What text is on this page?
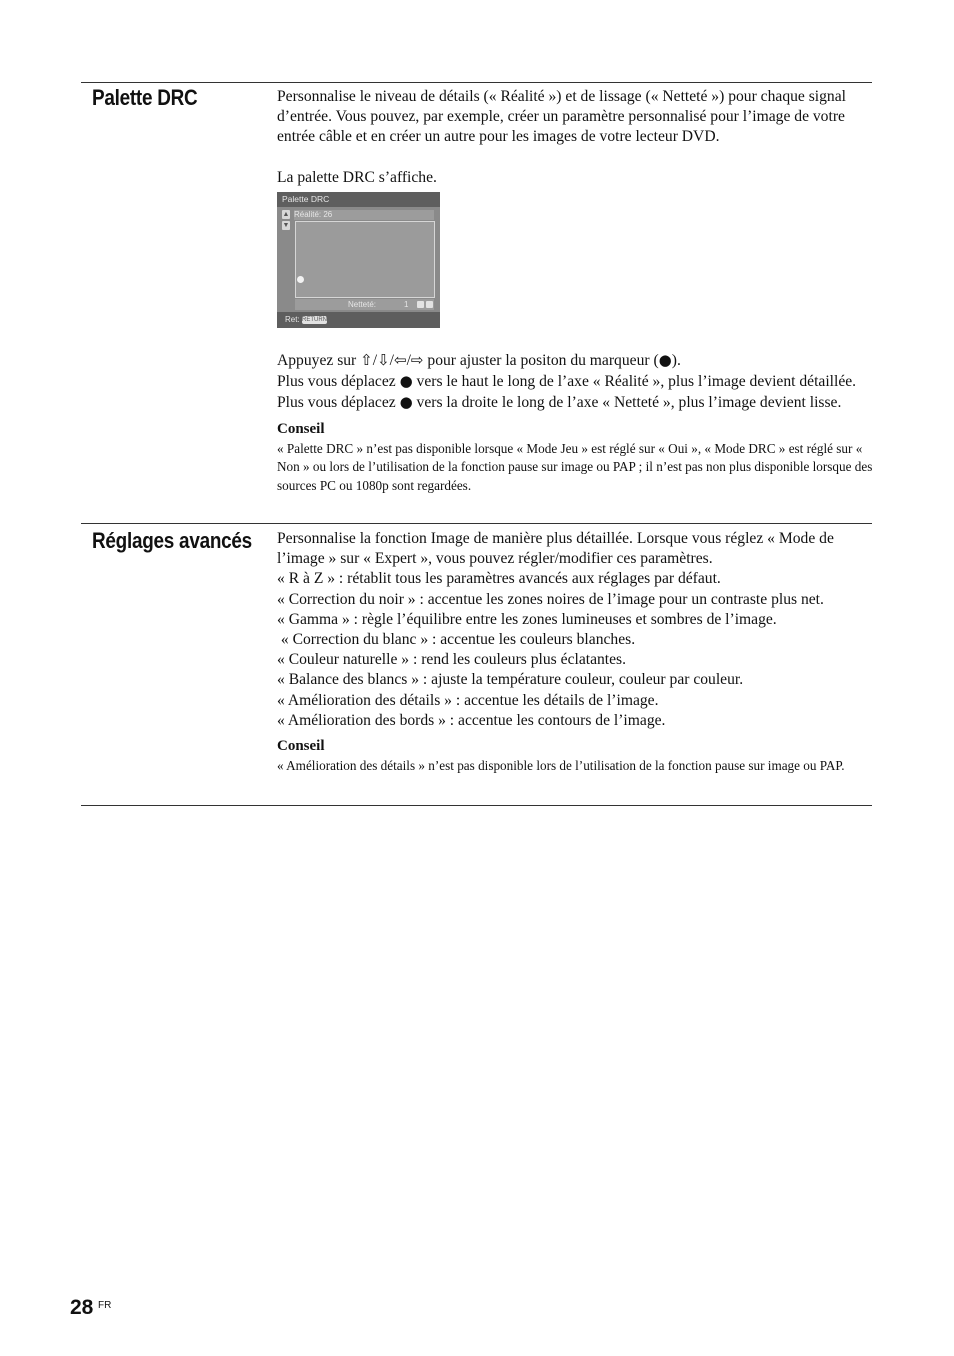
Palette DRC	Personnalise le niveau de détails (« Réalité ») et de lissage (« Netteté ») pour chaque signal d’entrée. Vous pouvez, par exemple, créer un paramètre personnalisé pour l’image de votre entrée câble et en créer un autre pour les images de votre lecteur DVD.

La palette DRC s’affiche.

Palette DRC
▲
▼
Réalité: 26
Netteté:	1
Ret: RETURN

Appuyez sur ⇧/⇩/⇦/⇨ pour ajuster la positon du marqueur (●).

Plus vous déplacez ● vers le haut le long de l’axe « Réalité », plus l’image devient détaillée. Plus vous déplacez ● vers la droite le long de l’axe « Netteté », plus l’image devient lisse.

Conseil

« Palette DRC » n’est pas disponible lorsque « Mode Jeu » est réglé sur « Oui », « Mode DRC » est réglé sur « Non » ou lors de l’utilisation de la fonction pause sur image ou PAP ; il n’est pas non plus disponible lorsque des sources PC ou 1080p sont regardées.

Réglages avancés Personnalise la fonction Image de manière plus détaillée. Lorsque vous réglez « Mode de l’image » sur « Expert », vous pouvez régler/modifier ces paramètres.

« R à Z » : rétablit tous les paramètres avancés aux réglages par défaut.

« Correction du noir » : accentue les zones noires de l’image pour un contraste plus net.

« Gamma » : règle l’équilibre entre les zones lumineuses et sombres de l’image.

« Correction du blanc » : accentue les couleurs blanches.

« Couleur naturelle » : rend les couleurs plus éclatantes.

« Balance des blancs » : ajuste la température couleur, couleur par couleur.

« Amélioration des détails » : accentue les détails de l’image.

« Amélioration des bords » : accentue les contours de l’image.

Conseil

« Amélioration des détails » n’est pas disponible lors de l’utilisation de la fonction pause sur image ou PAP.

28 FR
